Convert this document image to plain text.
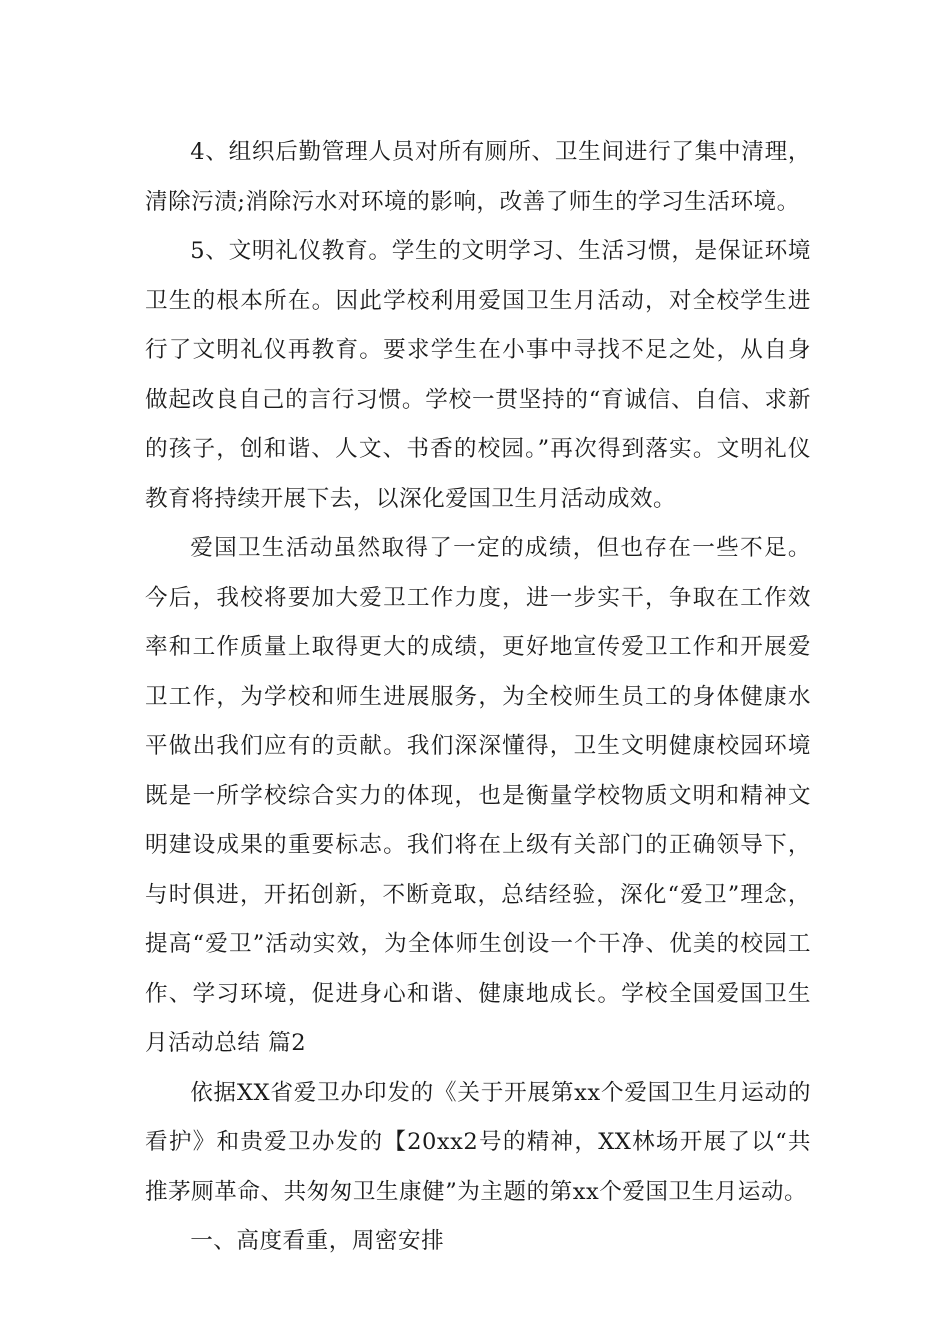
4、组织后勤管理人员对所有厕所、卫生间进行了集中清理，清除污渍;消除污水对环境的影响，改善了师生的学习生活环境。

5、文明礼仪教育。学生的文明学习、生活习惯，是保证环境卫生的根本所在。因此学校利用爱国卫生月活动，对全校学生进行了文明礼仪再教育。要求学生在小事中寻找不足之处，从自身做起改良自己的言行习惯。学校一贯坚持的“育诚信、自信、求新的孩子，创和谐、人文、书香的校园。”再次得到落实。文明礼仪教育将持续开展下去，以深化爱国卫生月活动成效。

爱国卫生活动虽然取得了一定的成绩，但也存在一些不足。今后，我校将要加大爱卫工作力度，进一步实干，争取在工作效率和工作质量上取得更大的成绩，更好地宣传爱卫工作和开展爱卫工作，为学校和师生进展服务，为全校师生员工的身体健康水平做出我们应有的贡献。我们深深懂得，卫生文明健康校园环境既是一所学校综合实力的体现，也是衡量学校物质文明和精神文明建设成果的重要标志。我们将在上级有关部门的正确领导下，与时俱进，开拓创新，不断竟取，总结经验，深化“爱卫”理念，提高“爱卫”活动实效，为全体师生创设一个干净、优美的校园工作、学习环境，促进身心和谐、健康地成长。学校全国爱国卫生月活动总结 篇2

依据XX省爱卫办印发的《关于开展第xx个爱国卫生月运动的看护》和贵爱卫办发的【20xx2号的精神，XX林场开展了以“共推茅厕革命、共匆匆卫生康健”为主题的第xx个爱国卫生月运动。

一、高度看重，周密安排
